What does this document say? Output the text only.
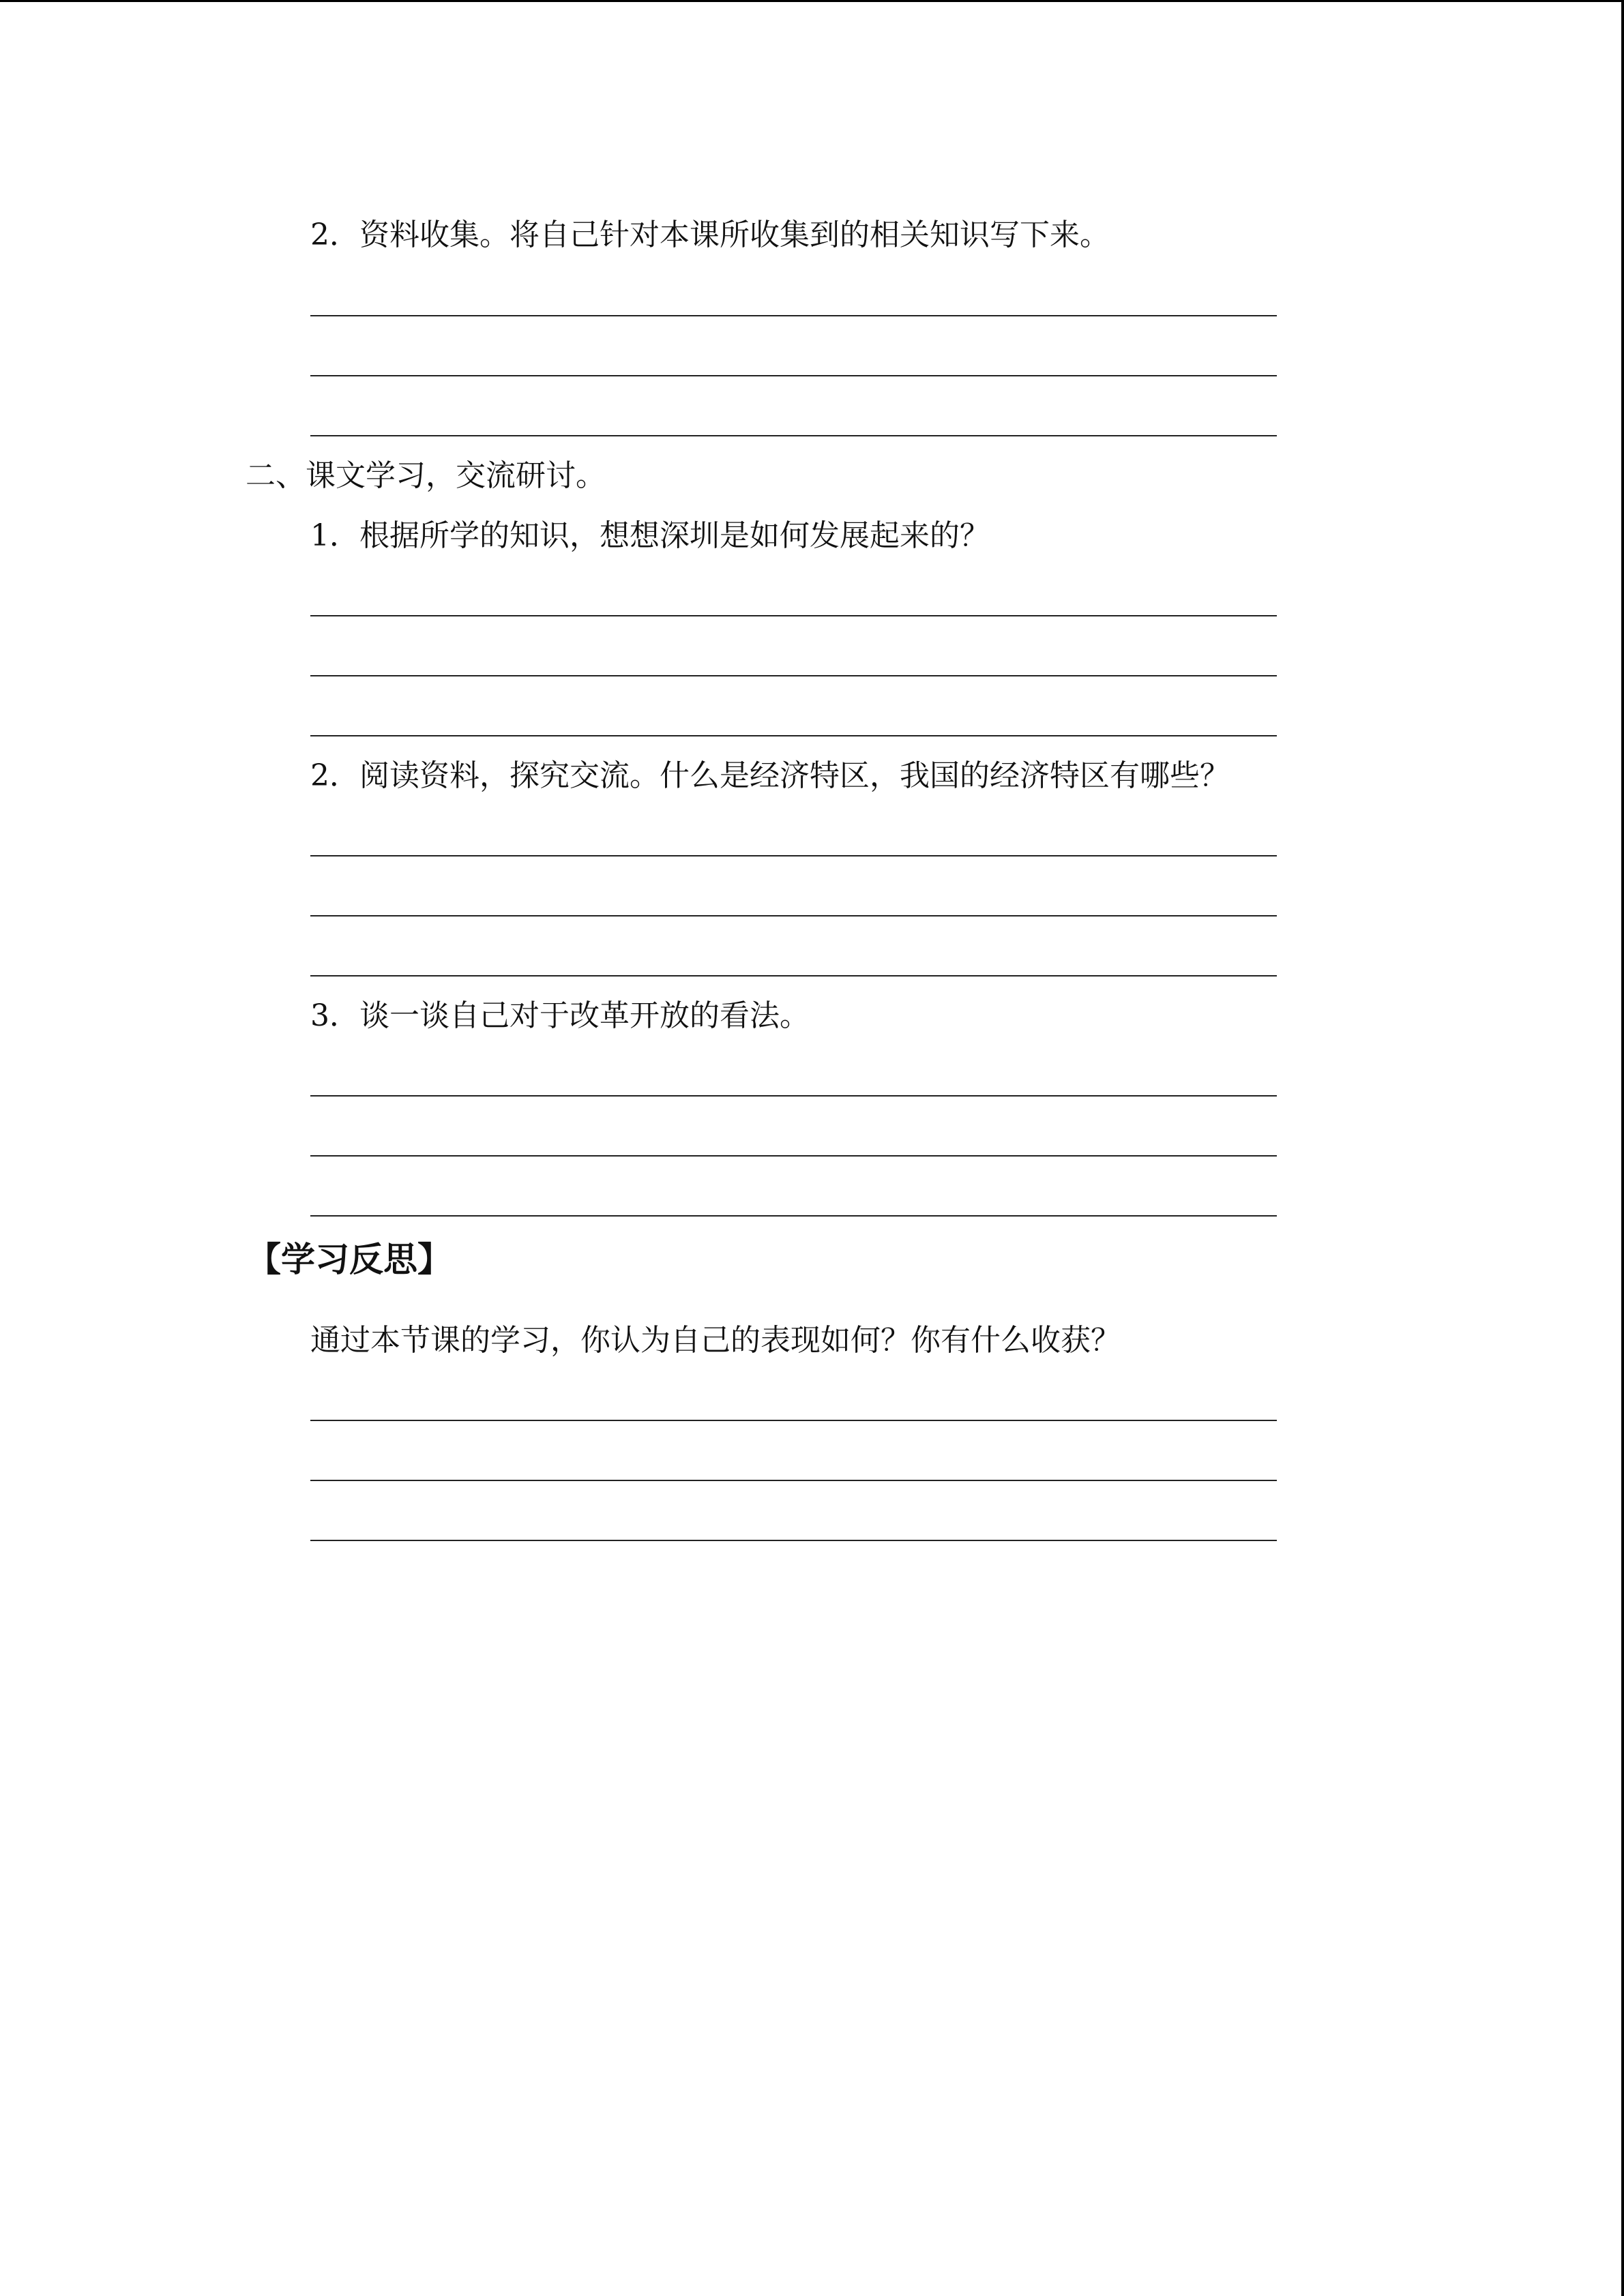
2．资料收集。将自己针对本课所收集到的相关知识写下来。
二、课文学习，交流研讨。
1．根据所学的知识，想想深圳是如何发展起来的？
2．阅读资料，探究交流。什么是经济特区，我国的经济特区有哪些？
3．谈一谈自己对于改革开放的看法。
【学习反思】
通过本节课的学习，你认为自己的表现如何？你有什么收获？
